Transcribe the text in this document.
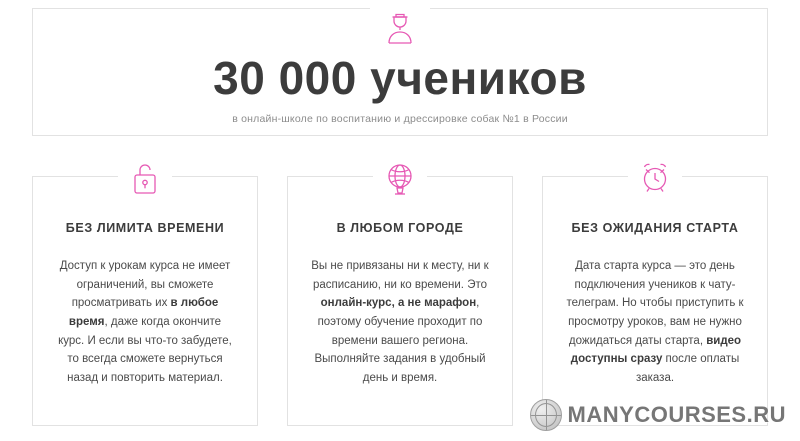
30 000 учеников
в онлайн-школе по воспитанию и дрессировке собак №1 в России
БЕЗ ЛИМИТА ВРЕМЕНИ

Доступ к урокам курса не имеет ограничений, вы сможете просматривать их в любое время, даже когда окончите курс. И если вы что-то забудете, то всегда сможете вернуться назад и повторить материал.

В ЛЮБОМ ГОРОДЕ

Вы не привязаны ни к месту, ни к расписанию, ни ко времени. Это онлайн-курс, а не марафон, поэтому обучение проходит по времени вашего региона. Выполняйте задания в удобный день и время.

БЕЗ ОЖИДАНИЯ СТАРТА

Дата старта курса — это день подключения учеников к чату-телеграм. Но чтобы приступить к просмотру уроков, вам не нужно дожидаться даты старта, видео доступны сразу после оплаты заказа.

MANYCOURSES.RU
